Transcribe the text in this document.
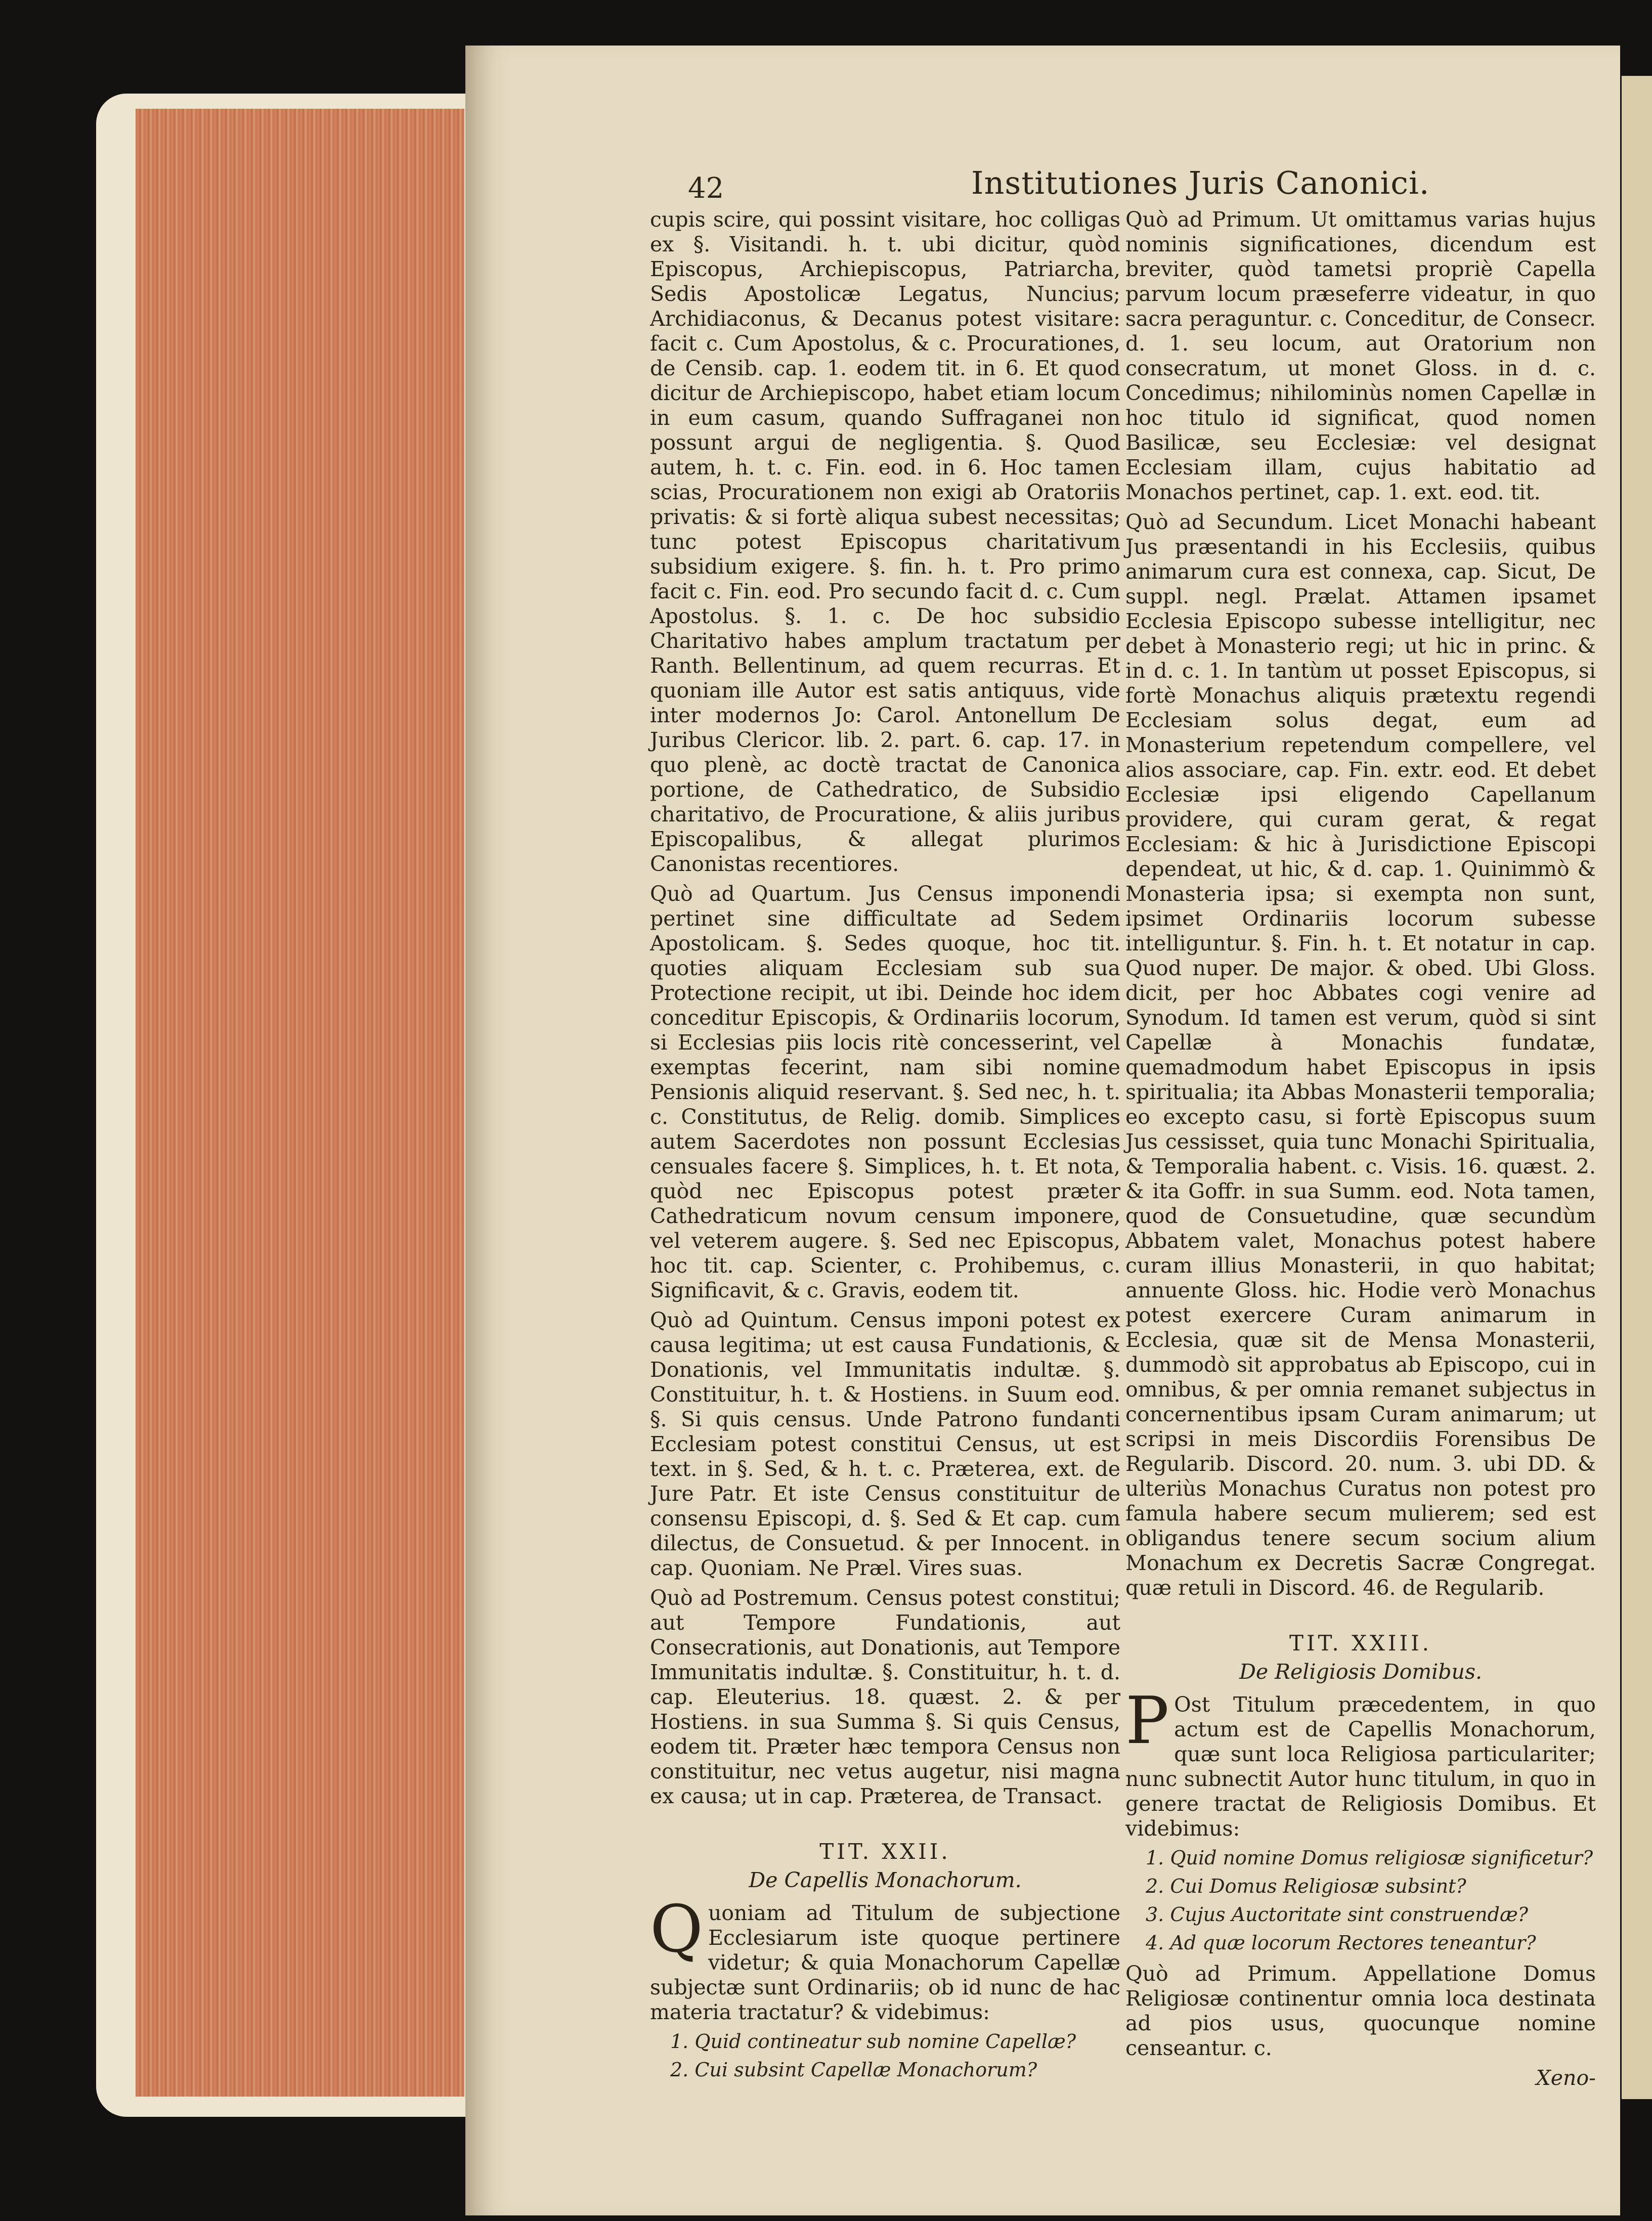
42	Institutiones Juris Canonici.

cupis scire, qui possint visitare, hoc colligas ex §. Visitandi. h. t. ubi dicitur, quòd Episcopus, Archiepiscopus, Patriarcha, Sedis Apostolicæ Legatus, Nuncius; Archidiaconus, & Decanus potest visitare: facit c. Cum Apostolus, & c. Procurationes, de Censib. cap. 1. eodem tit. in 6. Et quod dicitur de Archiepiscopo, habet etiam locum in eum casum, quando Suffraganei non possunt argui de negligentia. §. Quod autem, h. t. c. Fin. eod. in 6. Hoc tamen scias, Procurationem non exigi ab Oratoriis privatis: & si fortè aliqua subest necessitas; tunc potest Episcopus charitativum subsidium exigere. §. fin. h. t. Pro primo facit c. Fin. eod. Pro secundo facit d. c. Cum Apostolus. §. 1. c. De hoc subsidio Charitativo habes amplum tractatum per Ranth. Bellentinum, ad quem recurras. Et quoniam ille Autor est satis antiquus, vide inter modernos Jo: Carol. Antonellum De Juribus Clericor. lib. 2. part. 6. cap. 17. in quo plenè, ac doctè tractat de Canonica portione, de Cathedratico, de Subsidio charitativo, de Procuratione, & aliis juribus Episcopalibus, & allegat plurimos Canonistas recentiores.

Quò ad Quartum. Jus Census imponendi pertinet sine difficultate ad Sedem Apostolicam. §. Sedes quoque, hoc tit. quoties aliquam Ecclesiam sub sua Protectione recipit, ut ibi. Deinde hoc idem conceditur Episcopis, & Ordinariis locorum, si Ecclesias piis locis ritè concesserint, vel exemptas fecerint, nam sibi nomine Pensionis aliquid reservant. §. Sed nec, h. t. c. Constitutus, de Relig. domib. Simplices autem Sacerdotes non possunt Ecclesias censuales facere §. Simplices, h. t. Et nota, quòd nec Episcopus potest præter Cathedraticum novum censum imponere, vel veterem augere. §. Sed nec Episcopus, hoc tit. cap. Scienter, c. Prohibemus, c. Significavit, & c. Gravis, eodem tit.

Quò ad Quintum. Census imponi potest ex causa legitima; ut est causa Fundationis, & Donationis, vel Immunitatis indultæ. §. Constituitur, h. t. & Hostiens. in Suum eod. §. Si quis census. Unde Patrono fundanti Ecclesiam potest constitui Census, ut est text. in §. Sed, & h. t. c. Præterea, ext. de Jure Patr. Et iste Census constituitur de consensu Episcopi, d. §. Sed & Et cap. cum dilectus, de Consuetud. & per Innocent. in cap. Quoniam. Ne Præl. Vires suas.

Quò ad Postremum. Census potest constitui; aut Tempore Fundationis, aut Consecrationis, aut Donationis, aut Tempore Immunitatis indultæ. §. Constituitur, h. t. d. cap. Eleuterius. 18. quæst. 2. & per Hostiens. in sua Summa §. Si quis Census, eodem tit. Præter hæc tempora Census non constituitur, nec vetus augetur, nisi magna ex causa; ut in cap. Præterea, de Transact.

TIT. XXII.
De Capellis Monachorum.

Quoniam ad Titulum de subjectione Ecclesiarum iste quoque pertinere videtur; & quia Monachorum Capellæ subjectæ sunt Ordinariis; ob id nunc de hac materia tractatur? & videbimus:

1. Quid contineatur sub nomine Capellæ?

2. Cui subsint Capellæ Monachorum?

Quò ad Primum. Ut omittamus varias hujus nominis significationes, dicendum est breviter, quòd tametsi propriè Capella parvum locum præseferre videatur, in quo sacra peraguntur. c. Conceditur, de Consecr. d. 1. seu locum, aut Oratorium non consecratum, ut monet Gloss. in d. c. Concedimus; nihilominùs nomen Capellæ in hoc titulo id significat, quod nomen Basilicæ, seu Ecclesiæ: vel designat Ecclesiam illam, cujus habitatio ad Monachos pertinet, cap. 1. ext. eod. tit.

Quò ad Secundum. Licet Monachi habeant Jus præsentandi in his Ecclesiis, quibus animarum cura est connexa, cap. Sicut, De suppl. negl. Prælat. Attamen ipsamet Ecclesia Episcopo subesse intelligitur, nec debet à Monasterio regi; ut hic in princ. & in d. c. 1. In tantùm ut posset Episcopus, si fortè Monachus aliquis prætextu regendi Ecclesiam solus degat, eum ad Monasterium repetendum compellere, vel alios associare, cap. Fin. extr. eod. Et debet Ecclesiæ ipsi eligendo Capellanum providere, qui curam gerat, & regat Ecclesiam: & hic à Jurisdictione Episcopi dependeat, ut hic, & d. cap. 1. Quinimmò & Monasteria ipsa; si exempta non sunt, ipsimet Ordinariis locorum subesse intelliguntur. §. Fin. h. t. Et notatur in cap. Quod nuper. De major. & obed. Ubi Gloss. dicit, per hoc Abbates cogi venire ad Synodum. Id tamen est verum, quòd si sint Capellæ à Monachis fundatæ, quemadmodum habet Episcopus in ipsis spiritualia; ita Abbas Monasterii temporalia; eo excepto casu, si fortè Episcopus suum Jus cessisset, quia tunc Monachi Spiritualia, & Temporalia habent. c. Visis. 16. quæst. 2. & ita Goffr. in sua Summ. eod. Nota tamen, quod de Consuetudine, quæ secundùm Abbatem valet, Monachus potest habere curam illius Monasterii, in quo habitat; annuente Gloss. hic. Hodie verò Monachus potest exercere Curam animarum in Ecclesia, quæ sit de Mensa Monasterii, dummodò sit approbatus ab Episcopo, cui in omnibus, & per omnia remanet subjectus in concernentibus ipsam Curam animarum; ut scripsi in meis Discordiis Forensibus De Regularib. Discord. 20. num. 3. ubi DD. & ulteriùs Monachus Curatus non potest pro famula habere secum mulierem; sed est obligandus tenere secum socium alium Monachum ex Decretis Sacræ Congregat. quæ retuli in Discord. 46. de Regularib.

TIT. XXIII.
De Religiosis Domibus.

P Ost Titulum præcedentem, in quo actum est de Capellis Monachorum, quæ sunt loca Religiosa particulariter; nunc subnectit Autor hunc titulum, in quo in genere tractat de Religiosis Domibus. Et videbimus:

1. Quid nomine Domus religiosæ significetur?

2. Cui Domus Religiosæ subsint?

3. Cujus Auctoritate sint construendæ?

4. Ad quæ locorum Rectores teneantur?

Quò ad Primum. Appellatione Domus Religiosæ continentur omnia loca destinata ad pios usus, quocunque nomine censeantur. c.

Xeno-
